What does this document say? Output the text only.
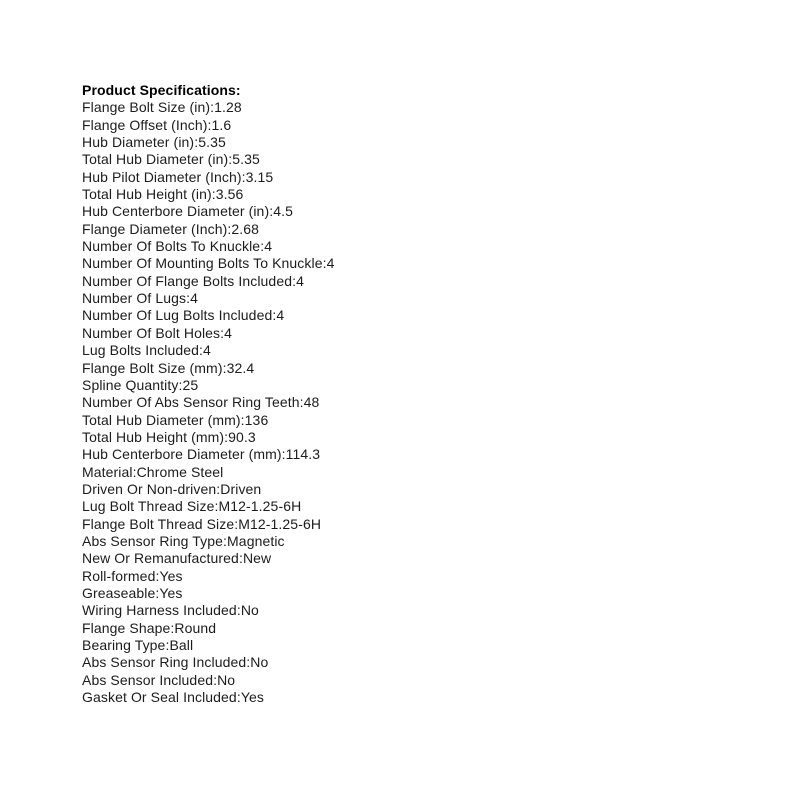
Product Specifications:
Flange Bolt Size (in):1.28
Flange Offset (Inch):1.6
Hub Diameter (in):5.35
Total Hub Diameter (in):5.35
Hub Pilot Diameter (Inch):3.15
Total Hub Height (in):3.56
Hub Centerbore Diameter (in):4.5
Flange Diameter (Inch):2.68
Number Of Bolts To Knuckle:4
Number Of Mounting Bolts To Knuckle:4
Number Of Flange Bolts Included:4
Number Of Lugs:4
Number Of Lug Bolts Included:4
Number Of Bolt Holes:4
Lug Bolts Included:4
Flange Bolt Size (mm):32.4
Spline Quantity:25
Number Of Abs Sensor Ring Teeth:48
Total Hub Diameter (mm):136
Total Hub Height (mm):90.3
Hub Centerbore Diameter (mm):114.3
Material:Chrome Steel
Driven Or Non-driven:Driven
Lug Bolt Thread Size:M12-1.25-6H
Flange Bolt Thread Size:M12-1.25-6H
Abs Sensor Ring Type:Magnetic
New Or Remanufactured:New
Roll-formed:Yes
Greaseable:Yes
Wiring Harness Included:No
Flange Shape:Round
Bearing Type:Ball
Abs Sensor Ring Included:No
Abs Sensor Included:No
Gasket Or Seal Included:Yes
